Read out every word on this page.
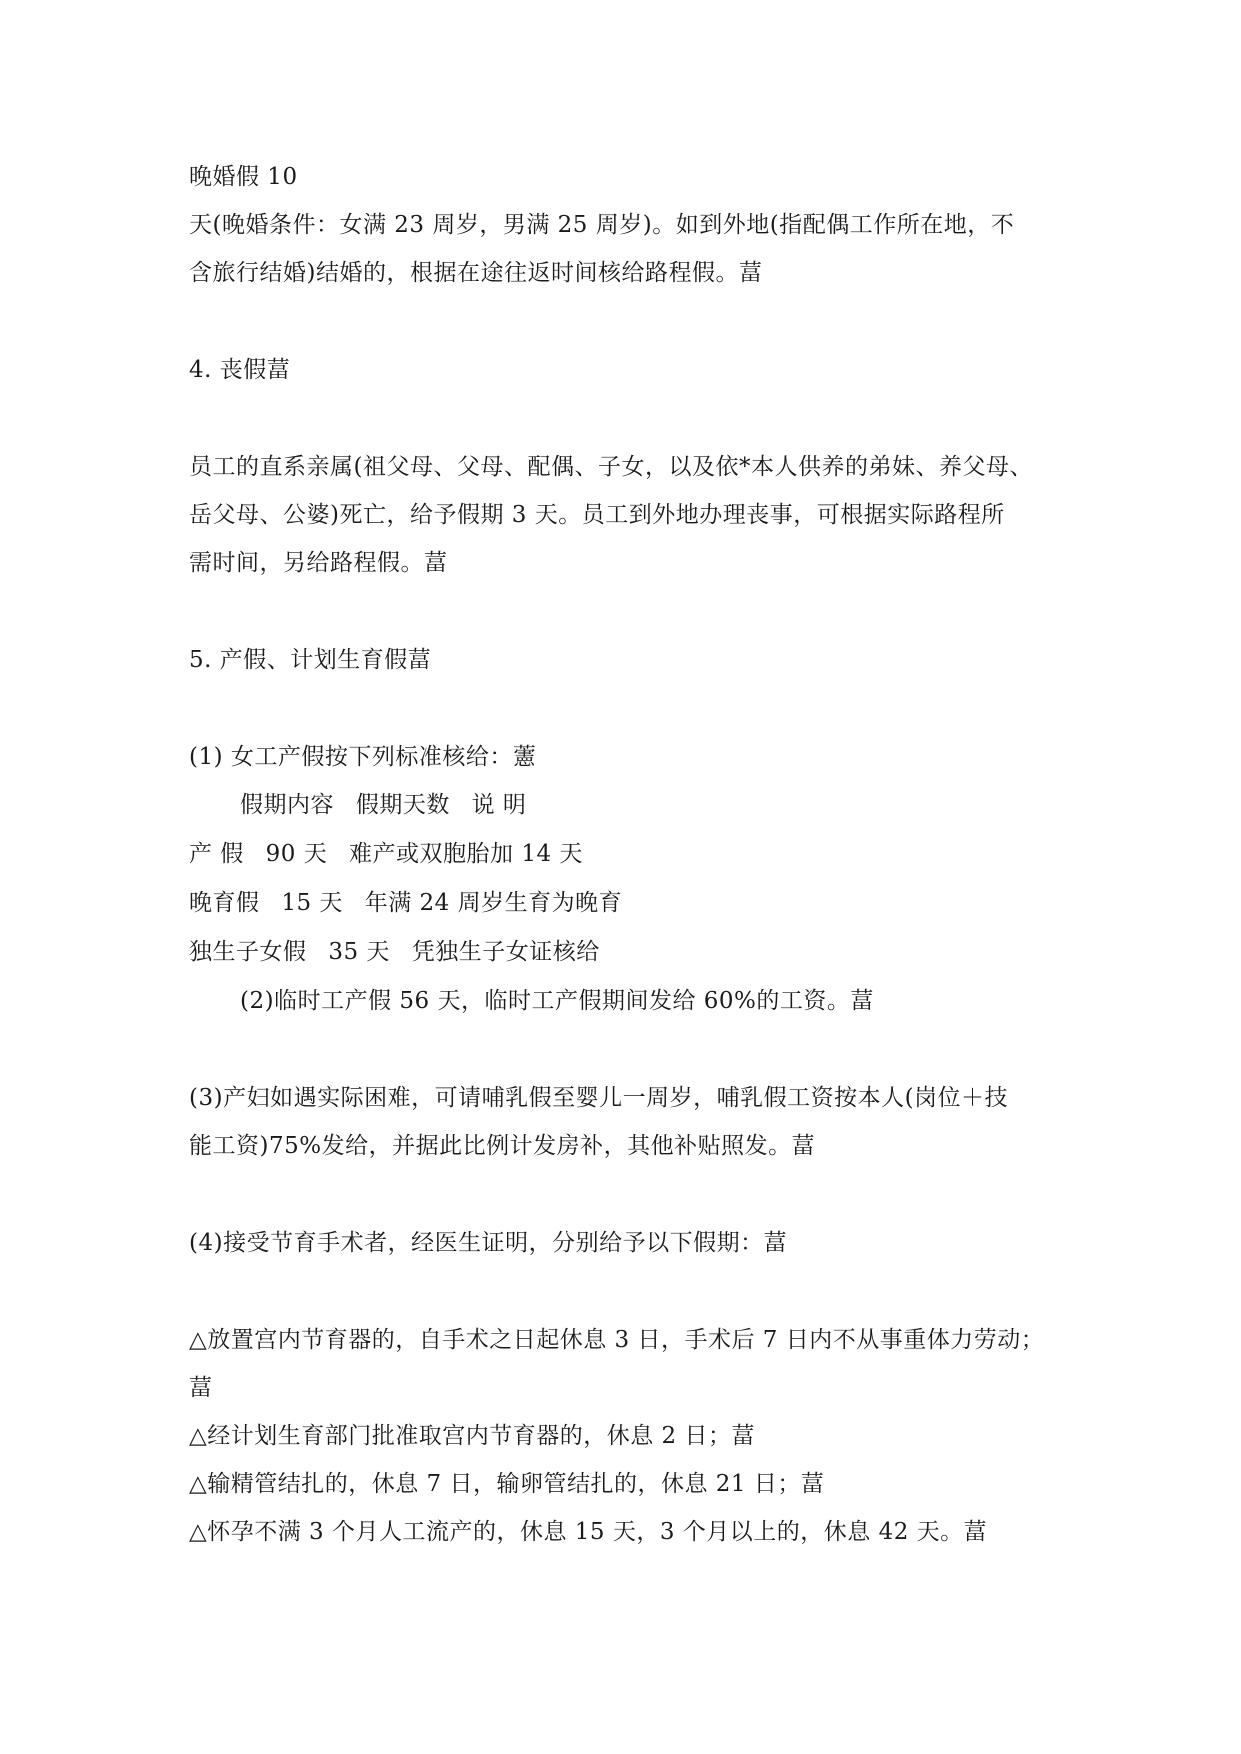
晚婚假 10
天(晚婚条件：女满 23 周岁，男满 25 周岁)。如到外地(指配偶工作所在地，不
含旅行结婚)结婚的，根据在途往返时间核给路程假。葍
4. 丧假葍
员工的直系亲属(祖父母、父母、配偶、子女，以及依*本人供养的弟妹、养父母、
岳父母、公婆)死亡，给予假期 3 天。员工到外地办理丧事，可根据实际路程所
需时间，另给路程假。葍
5. 产假、计划生育假葍
(1) 女工产假按下列标准核给：藼
假期内容 假期天数 说 明
产 假 90 天 难产或双胞胎加 14 天
晚育假 15 天 年满 24 周岁生育为晚育
独生子女假 35 天 凭独生子女证核给
(2)临时工产假 56 天，临时工产假期间发给 60%的工资。葍
(3)产妇如遇实际困难，可请哺乳假至婴儿一周岁，哺乳假工资按本人(岗位＋技
能工资)75%发给，并据此比例计发房补，其他补贴照发。葍
(4)接受节育手术者，经医生证明，分别给予以下假期：葍
△放置宫内节育器的，自手术之日起休息 3 日，手术后 7 日内不从事重体力劳动；
葍
△经计划生育部门批准取宫内节育器的，休息 2 日；葍
△输精管结扎的，休息 7 日，输卵管结扎的，休息 21 日；葍
△怀孕不满 3 个月人工流产的，休息 15 天，3 个月以上的，休息 42 天。葍
